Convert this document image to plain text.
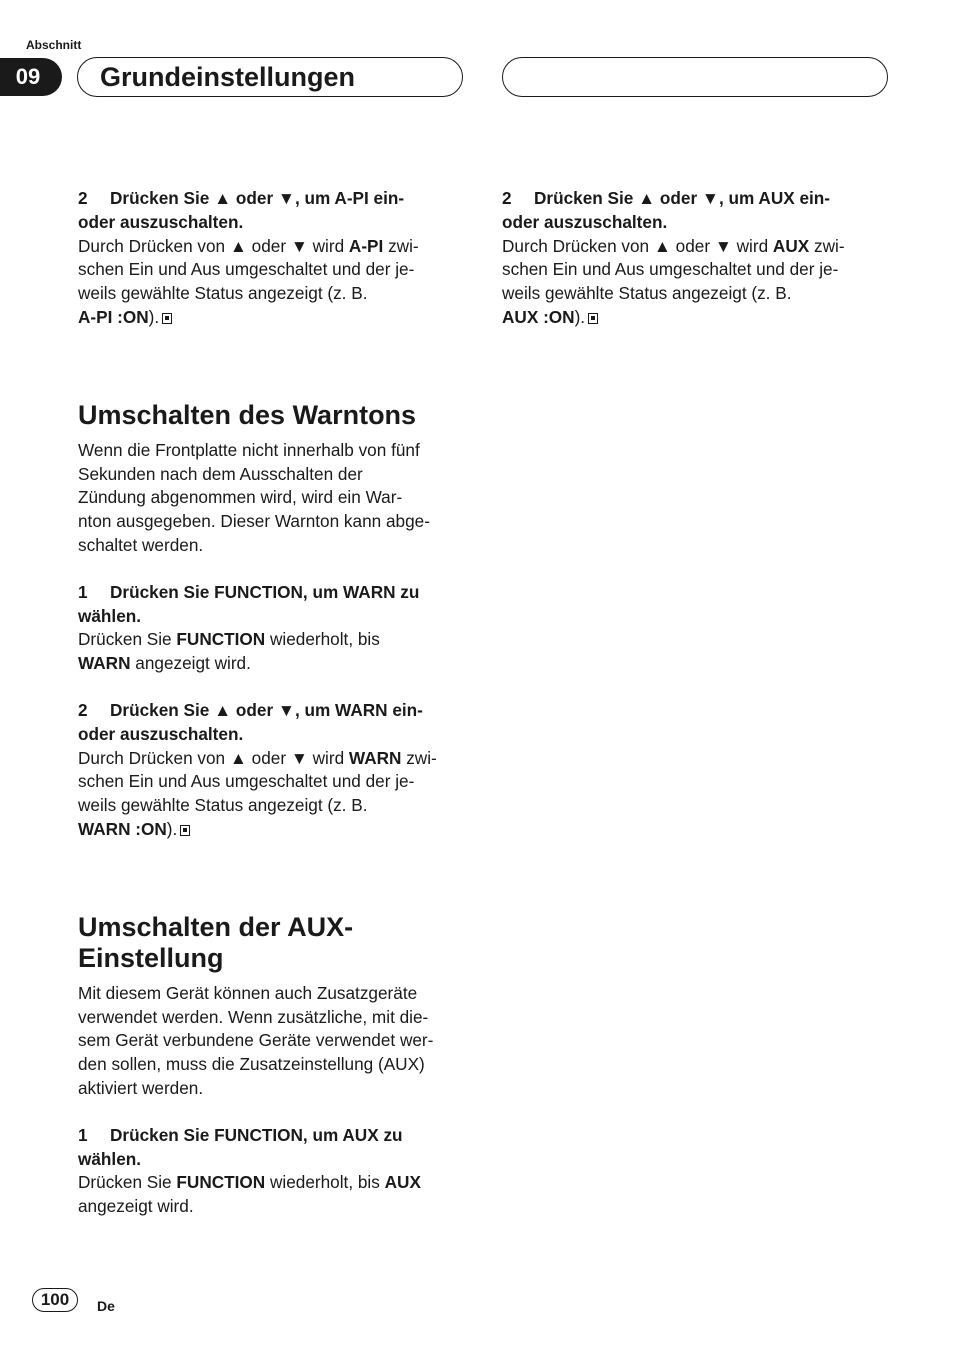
Abschnitt
09	Grundeinstellungen

2 Drücken Sie ▲ oder ▼, um A-PI ein-

oder auszuschalten.

Durch Drücken von ▲ oder ▼ wird A-PI zwi-

schen Ein und Aus umgeschaltet und der je-

weils gewählte Status angezeigt (z. B.

A-PI :ON).

Umschalten des Warntons

Wenn die Frontplatte nicht innerhalb von fünf

Sekunden nach dem Ausschalten der

Zündung abgenommen wird, wird ein War-

nton ausgegeben. Dieser Warnton kann abge-

schaltet werden.

1 Drücken Sie FUNCTION, um WARN zu

wählen.

Drücken Sie FUNCTION wiederholt, bis

WARN angezeigt wird.

2 Drücken Sie ▲ oder ▼, um WARN ein-

oder auszuschalten.

Durch Drücken von ▲ oder ▼ wird WARN zwi-

schen Ein und Aus umgeschaltet und der je-

weils gewählte Status angezeigt (z. B.

WARN :ON).

Umschalten der AUX-
Einstellung

Mit diesem Gerät können auch Zusatzgeräte

verwendet werden. Wenn zusätzliche, mit die-

sem Gerät verbundene Geräte verwendet wer-

den sollen, muss die Zusatzeinstellung (AUX)

aktiviert werden.

1 Drücken Sie FUNCTION, um AUX zu

wählen.

Drücken Sie FUNCTION wiederholt, bis AUX

angezeigt wird.

2 Drücken Sie ▲ oder ▼, um AUX ein-

oder auszuschalten.

Durch Drücken von ▲ oder ▼ wird AUX zwi-

schen Ein und Aus umgeschaltet und der je-

weils gewählte Status angezeigt (z. B.

AUX :ON).

100	De
